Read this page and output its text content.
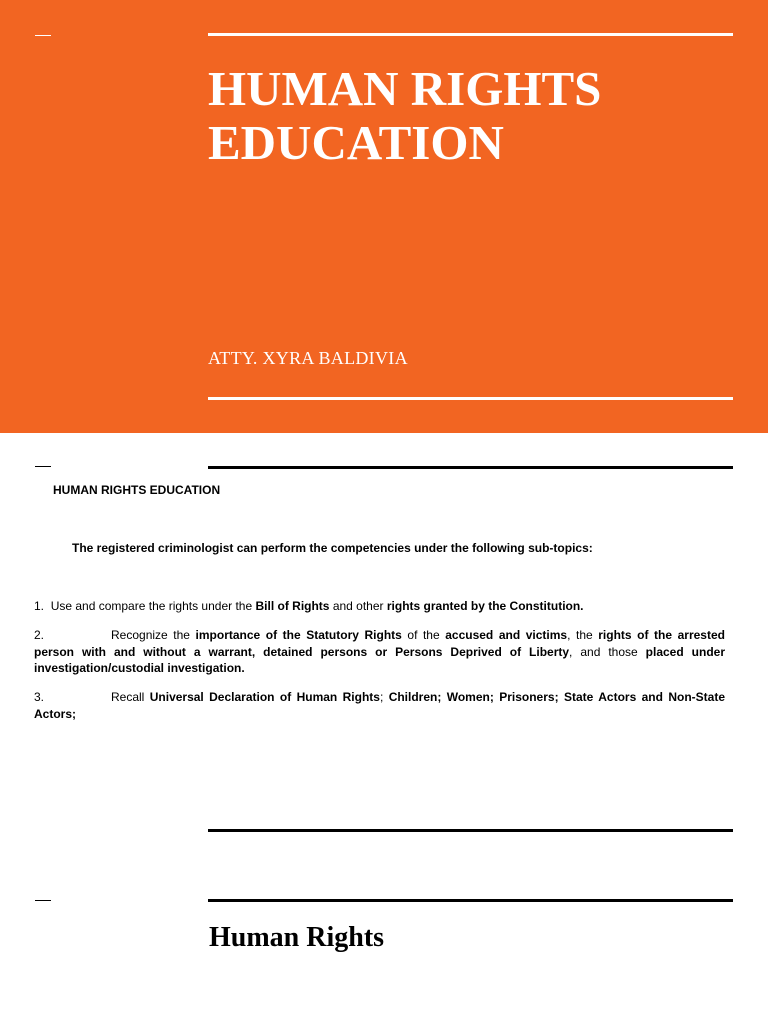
HUMAN RIGHTS
EDUCATION

ATTY. XYRA BALDIVIA

HUMAN RIGHTS EDUCATION

The registered criminologist can perform the competencies under the following sub-topics:

1. Use and compare the rights under the Bill of Rights and other rights granted by the Constitution.

2.	Recognize the importance of the Statutory Rights of the accused and victims, the rights of the arrested person with and without a warrant, detained persons or Persons Deprived of Liberty, and those placed under investigation/custodial investigation.

3.	Recall Universal Declaration of Human Rights; Children; Women; Prisoners; State Actors and Non-State Actors;

Human Rights
